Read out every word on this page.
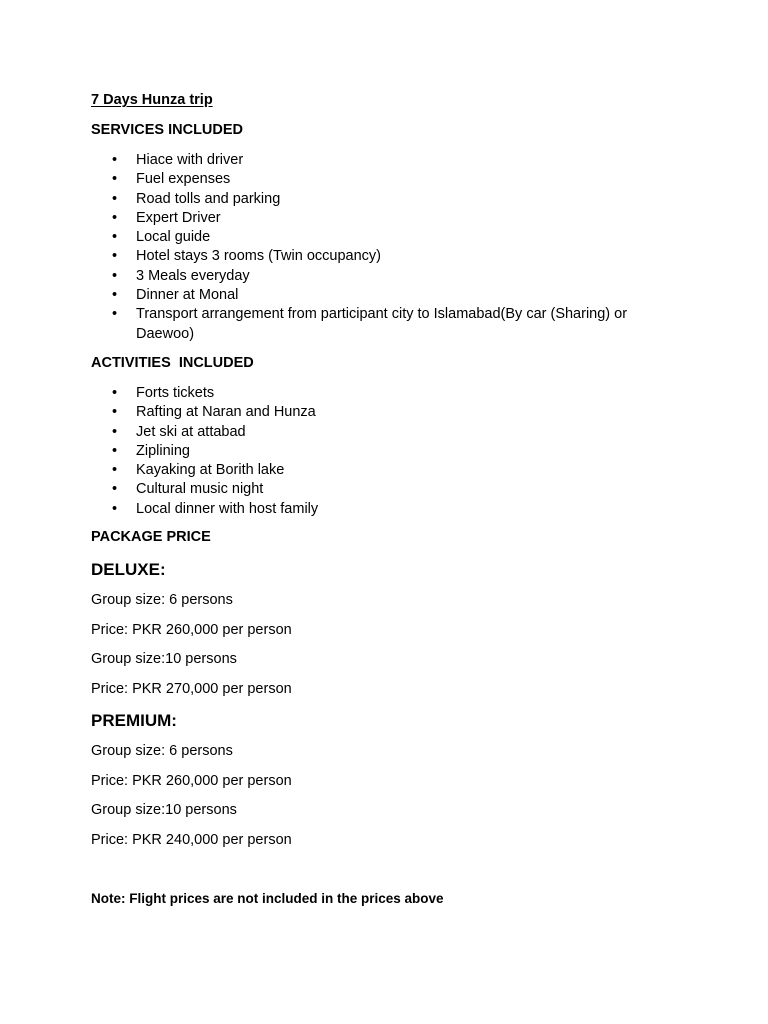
7 Days Hunza trip

SERVICES INCLUDED

•	Hiace with driver
•	Fuel expenses
•	Road tolls and parking
•	Expert Driver
•	Local guide
•	Hotel stays 3 rooms (Twin occupancy)
•	3 Meals everyday
•	Dinner at Monal
•	Transport arrangement from participant city to Islamabad(By car (Sharing) or Daewoo)

ACTIVITIES  INCLUDED

•	Forts tickets
•	Rafting at Naran and Hunza
•	Jet ski at attabad
•	Ziplining
•	Kayaking at Borith lake
•	Cultural music night
•	Local dinner with host family

PACKAGE PRICE

DELUXE:

Group size: 6 persons

Price: PKR 260,000 per person

Group size:10 persons

Price: PKR 270,000 per person

PREMIUM:

Group size: 6 persons

Price: PKR 260,000 per person

Group size:10 persons

Price: PKR 240,000 per person

Note: Flight prices are not included in the prices above
